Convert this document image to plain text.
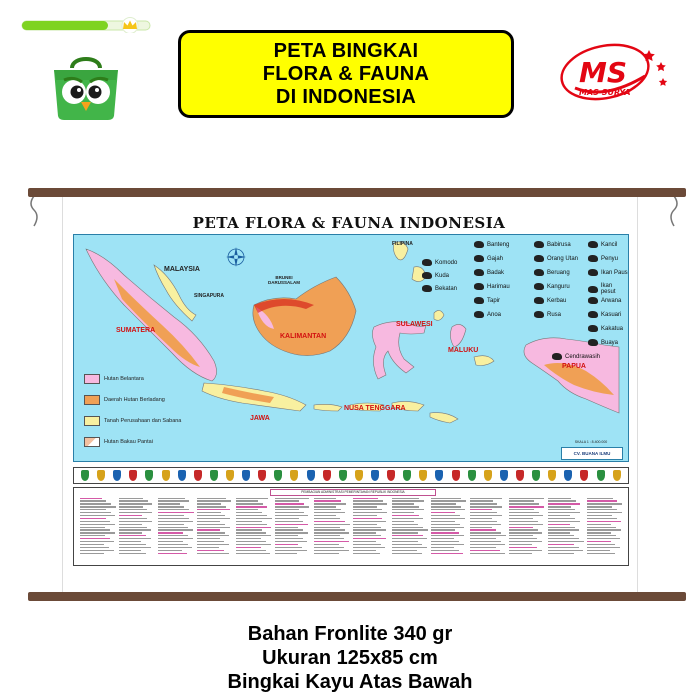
PETA BINGKAI
FLORA & FAUNA
DI INDONESIA
MS
MAS SURYA
PETA FLORA & FAUNA INDONESIA
MALAYSIA
SINGAPURA
BRUNEI DARUSSALAM
FILIPINA
SUMATERA
KALIMANTAN
SULAWESI
MALUKU
PAPUA
JAWA
NUSA TENGGARA
Hutan Belantara
Daerah Hutan Berladang
Tanah Perusahaan dan Sabana
Hutan Bakau Pantai
Komodo
Kuda
Bekatan
Banteng
Gajah
Badak
Harimau
Tapir
Anoa
Babirusa
Orang Utan
Beruang
Kanguru
Kerbau
Rusa
Kancil
Penyu
Ikan Paus
Ikan pesut
Arwana
Kasuari
Kakatua
Buaya
Cendrawasih
SKALA 1 : 8.400.000
CV. BUANA ILMU
PEMBAGIAN ADMINISTRASI PEMERINTAHAN REPUBLIK INDONESIA
Bahan Fronlite 340 gr
Ukuran 125x85 cm
Bingkai Kayu Atas Bawah
